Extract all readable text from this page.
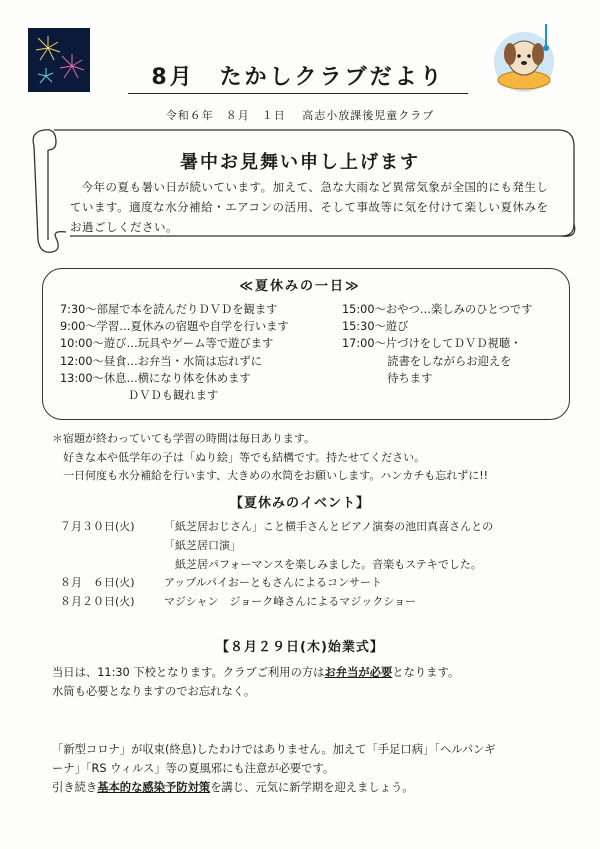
8月　たかしクラブだより
令和６年　８月　１日　 高志小放課後児童クラブ
暑中お見舞い申し上げます
今年の夏も暑い日が続いています。加えて、急な大雨など異常気象が全国的にも発生しています。適度な水分補給・エアコンの活用、そして事故等に気を付けて楽しい夏休みをお過ごしください。
≪夏休みの一日≫
7:30～部屋で本を読んだりＤＶＤを観ます
9:00～学習…夏休みの宿題や自学を行います
10:00～遊び…玩具やゲーム等で遊びます
12:00～昼食…お弁当・水筒は忘れずに
13:00～休息…横になり体を休めます
　　　　　　ＤＶＤも観れます
15:00～おやつ…楽しみのひとつです
15:30～遊び
17:00～片づけをしてＤＶＤ視聴・
　　　　読書をしながらお迎えを
　　　　待ちます
＊宿題が終わっていても学習の時間は毎日あります。
　好きな本や低学年の子は「ぬり絵」等でも結構です。持たせてください。
　一日何度も水分補給を行います、大きめの水筒をお願いします。ハンカチも忘れずに!!
【夏休みのイベント】
７月３０日(火)	「紙芝居おじさん」こと横手さんとピアノ演奏の池田真喜さんとの
「紙芝居口演」
　紙芝居パフォーマンスを楽しみました。音楽もステキでした。
８月　６日(火)	アップルパイおーともさんによるコンサート
８月２０日(火)	マジシャン　ジョーク峰さんによるマジックショー
【８月２９日(木)始業式】
当日は、11:30 下校となります。クラブご利用の方はお弁当が必要となります。
水筒も必要となりますのでお忘れなく。
「新型コロナ」が収束(終息)したわけではありません。加えて「手足口病」「ヘルパンギ
ーナ」「RS ウィルス」等の夏風邪にも注意が必要です。
引き続き基本的な感染予防対策を講じ、元気に新学期を迎えましょう。
